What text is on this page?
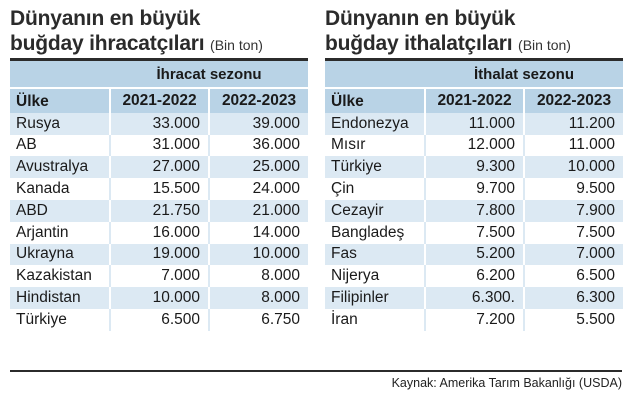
Dünyanın en büyük
buğday ihracatçıları (Bin ton)
	İhracat sezonu	
Ülke	2021-2022	2022-2023
Rusya	33.000	39.000
AB	31.000	36.000
Avustralya	27.000	25.000
Kanada	15.500	24.000
ABD	21.750	21.000
Arjantin	16.000	14.000
Ukrayna	19.000	10.000
Kazakistan	7.000	8.000
Hindistan	10.000	8.000
Türkiye	6.500	6.750
Dünyanın en büyük
buğday ithalatçıları (Bin ton)
	İthalat sezonu	
Ülke	2021-2022	2022-2023
Endonezya	11.000	11.200
Mısır	12.000	11.000
Türkiye	9.300	10.000
Çin	9.700	9.500
Cezayir	7.800	7.900
Bangladeş	7.500	7.500
Fas	5.200	7.000
Nijerya	6.200	6.500
Filipinler	6.300.	6.300
İran	7.200	5.500
Kaynak: Amerika Tarım Bakanlığı (USDA)
